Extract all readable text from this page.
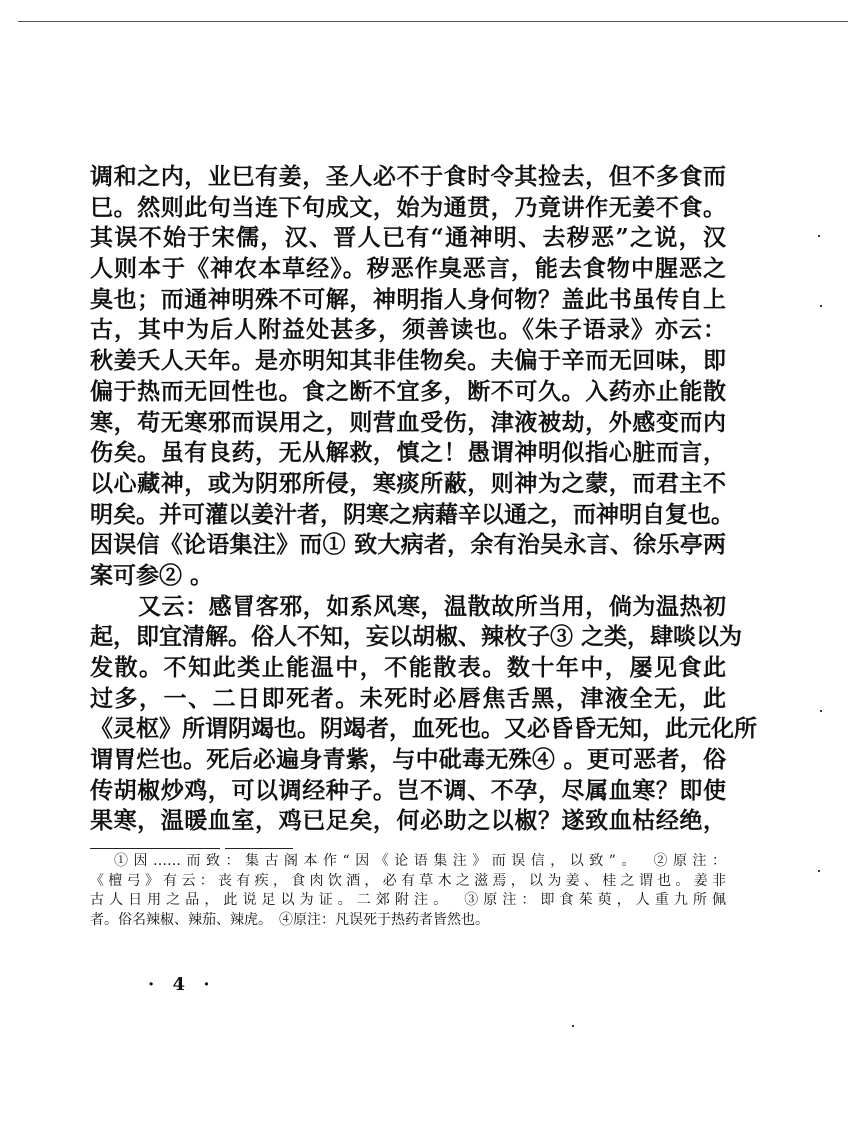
调和之内，业巳有姜，圣人必不于食时令其捡去，但不多食而
巳。然则此句当连下句成文，始为通贯，乃竟讲作无姜不食。
其误不始于宋儒，汉、晋人已有“通神明、去秽恶”之说，汉
人则本于《神农本草经》。秽恶作臭恶言，能去食物中腥恶之
臭也；而通神明殊不可解，神明指人身何物？盖此书虽传自上
古，其中为后人附益处甚多，须善读也。《朱子语录》亦云：
秋姜夭人天年。是亦明知其非佳物矣。夫偏于辛而无回味，即
偏于热而无回性也。食之断不宜多，断不可久。入药亦止能散
寒，苟无寒邪而误用之，则营血受伤，津液被劫，外感变而内
伤矣。虽有良药，无从解救，慎之！愚谓神明似指心脏而言，
以心藏神，或为阴邪所侵，寒痰所蔽，则神为之蒙，而君主不
明矣。并可灌以姜汁者，阴寒之病藉辛以通之，而神明自复也。
因误信《论语集注》而① 致大病者，余有治吴永言、徐乐亭两
案可参② 。
又云：感冒客邪，如系风寒，温散故所当用，倘为温热初
起，即宜清解。俗人不知，妄以胡椒、辣枚子③ 之类，肆啖以为
发散。不知此类止能温中，不能散表。数十年中，屡见食此
过多，一、二日即死者。未死时必唇焦舌黑，津液全无，此
《灵枢》所谓阴竭也。阴竭者，血死也。又必昏昏无知，此元化所
谓胃烂也。死后必遍身青紫，与中砒毒无殊④ 。更可恶者，俗
传胡椒炒鸡，可以调经种子。岂不调、不孕，尽属血寒？即使
果寒，温暖血室，鸡已足矣，何必助之以椒？遂致血枯经绝，
①因……而致：集古阁本作“因《论语集注》而误信，以致”。　②原注：
《檀弓》有云：丧有疾，食肉饮酒，必有草木之滋焉，以为姜、桂之谓也。姜非
古人日用之品，此说足以为证。二郊附注。　③原注：即食茱萸，人重九所佩
者。俗名辣椒、辣茄、辣虎。　④原注：凡误死于热药者皆然也。
· 4 ·
